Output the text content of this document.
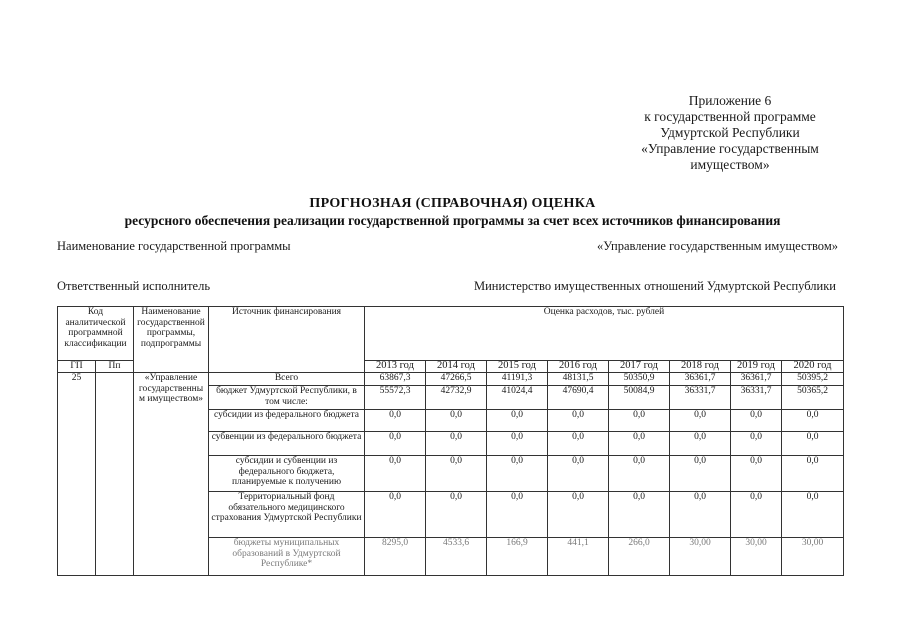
Приложение 6
к государственной программе
Удмуртской Республики
«Управление государственным
имуществом»
ПРОГНОЗНАЯ (СПРАВОЧНАЯ) ОЦЕНКА
ресурсного обеспечения реализации государственной программы за счет всех источников финансирования
Наименование государственной программы	«Управление государственным имуществом»
Ответственный исполнитель	Министерство имущественных отношений Удмуртской Республики
Код аналитической программной классификации		Наименование государственной программы, подпрограммы	Источник финансирования	Оценка расходов, тыс. рублей							
ГП	Пп			2013 год	2014 год	2015 год	2016 год	2017 год	2018 год	2019 год	2020 год
25		«Управление государственны м имуществом»	Всего	63867,3	47266,5	41191,3	48131,5	50350,9	36361,7	36361,7	50395,2
			бюджет Удмуртской Республики, в том числе:	55572,3	42732,9	41024,4	47690,4	50084,9	36331,7	36331,7	50365,2
			субсидии из федерального бюджета	0,0	0,0	0,0	0,0	0,0	0,0	0,0	0,0
			субвенции из федерального бюджета	0,0	0,0	0,0	0,0	0,0	0,0	0,0	0,0
			субсидии и субвенции из федерального бюджета, планируемые к получению	0,0	0,0	0,0	0,0	0,0	0,0	0,0	0,0
			Территориальный фонд обязательного медицинского страхования Удмуртской Республики	0,0	0,0	0,0	0,0	0,0	0,0	0,0	0,0
			бюджеты муниципальных образований в Удмуртской Республике*	8295,0	4533,6	166,9	441,1	266,0	30,00	30,00	30,00
